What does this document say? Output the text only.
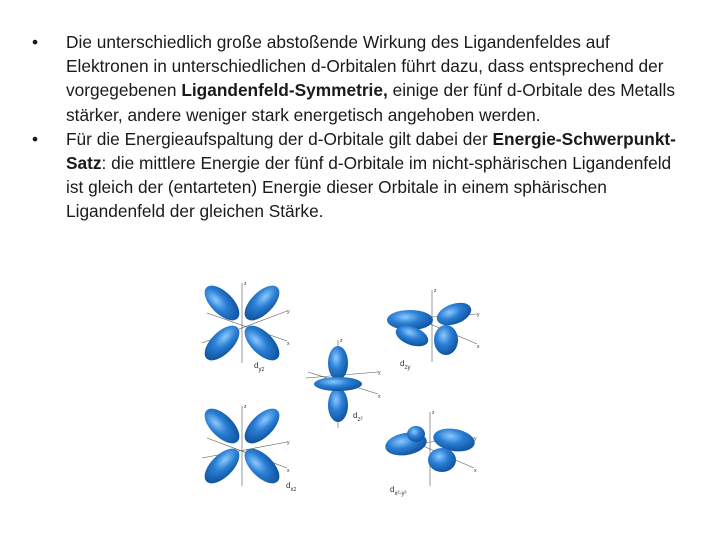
•	Die unterschiedlich große abstoßende Wirkung des Ligandenfeldes auf Elektronen in unterschiedlichen d-Orbitalen führt dazu, dass entsprechend der vorgegebenen Ligandenfeld-Symmetrie, einige der fünf d-Orbitale des Metalls stärker, andere weniger stark energetisch angehoben werden.
•	Für die Energieaufspaltung der d-Orbitale gilt dabei der Energie-Schwerpunkt-Satz: die mittlere Energie der fünf d-Orbitale im nicht-sphärischen Ligandenfeld ist gleich der (entarteten) Energie dieser Orbitale in einem sphärischen Ligandenfeld der gleichen Stärke.
z
y
x
$d_{yz}$
z
y
x
$d_{zy}$
z
y
x
$d_{z^2}$
z
y
x
$d_{xz}$
z
y
x
$d_{x^2-y^2}$
